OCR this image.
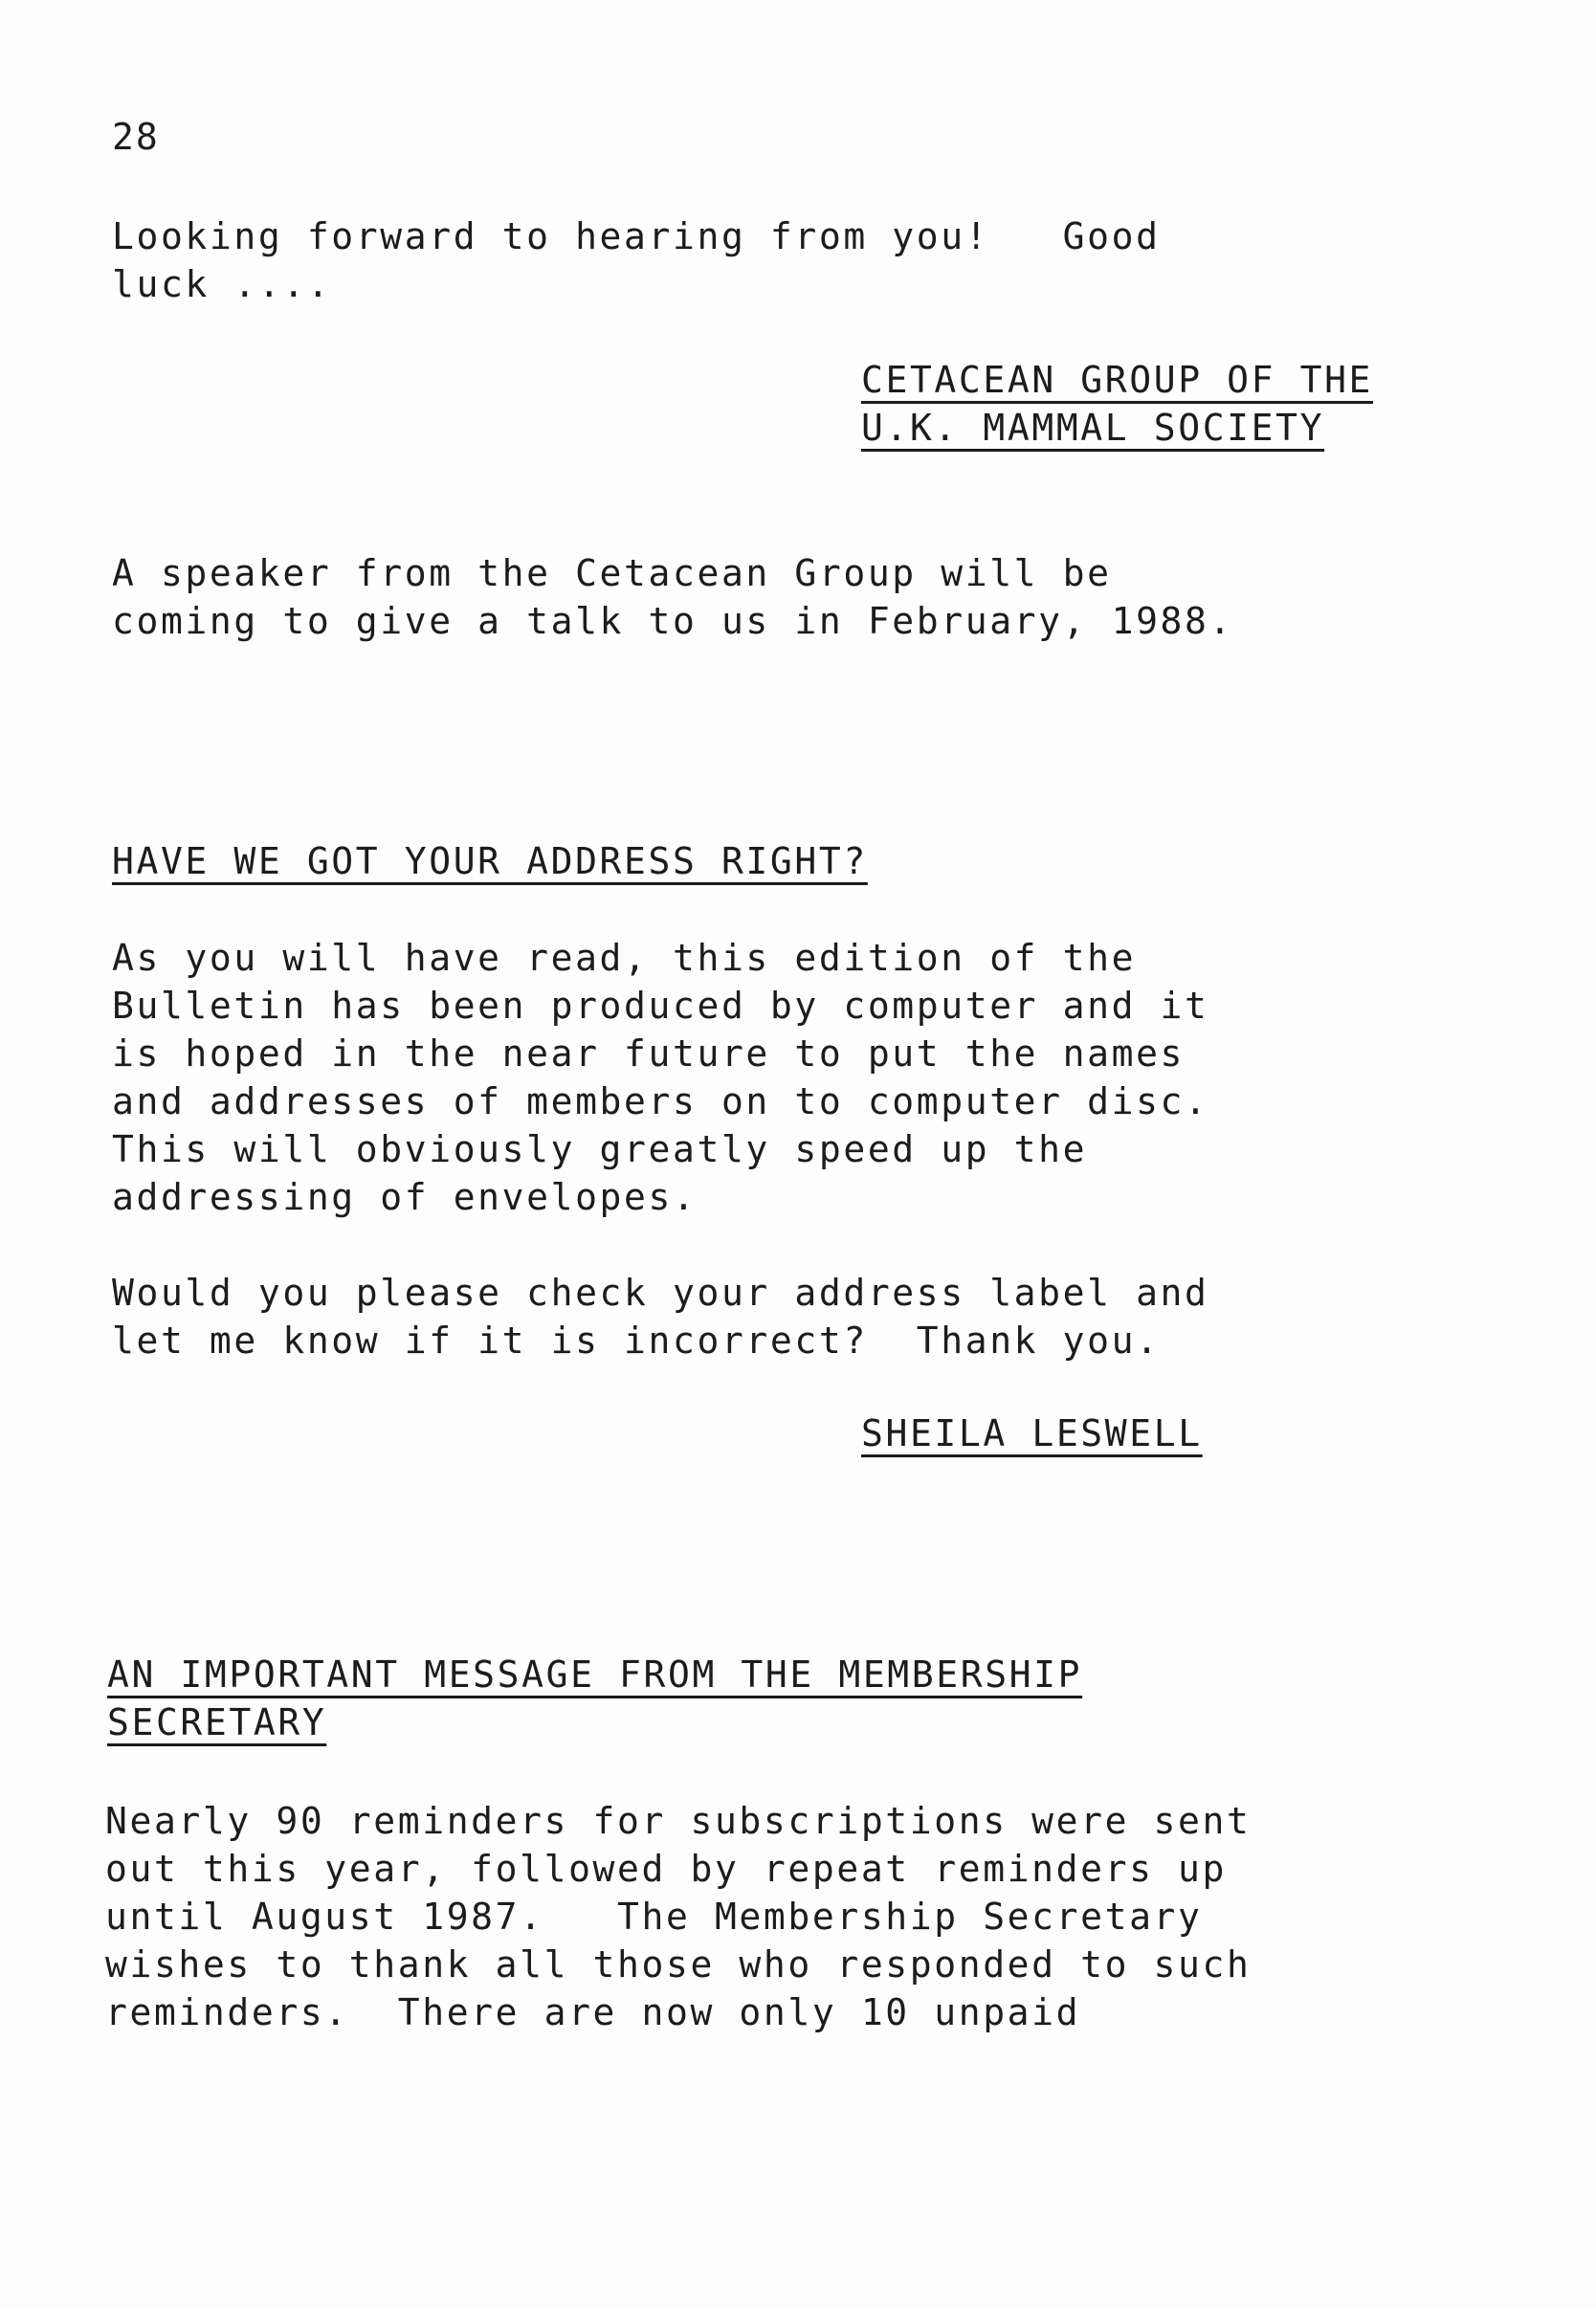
28
Looking forward to hearing from you!   Good
luck ....
CETACEAN GROUP OF THE
U.K. MAMMAL SOCIETY
A speaker from the Cetacean Group will be
coming to give a talk to us in February, 1988.
HAVE WE GOT YOUR ADDRESS RIGHT?
As you will have read, this edition of the
Bulletin has been produced by computer and it
is hoped in the near future to put the names
and addresses of members on to computer disc.
This will obviously greatly speed up the
addressing of envelopes.
Would you please check your address label and
let me know if it is incorrect?  Thank you.
SHEILA LESWELL
AN IMPORTANT MESSAGE FROM THE MEMBERSHIP
SECRETARY
Nearly 90 reminders for subscriptions were sent
out this year, followed by repeat reminders up
until August 1987.   The Membership Secretary
wishes to thank all those who responded to such
reminders.  There are now only 10 unpaid
